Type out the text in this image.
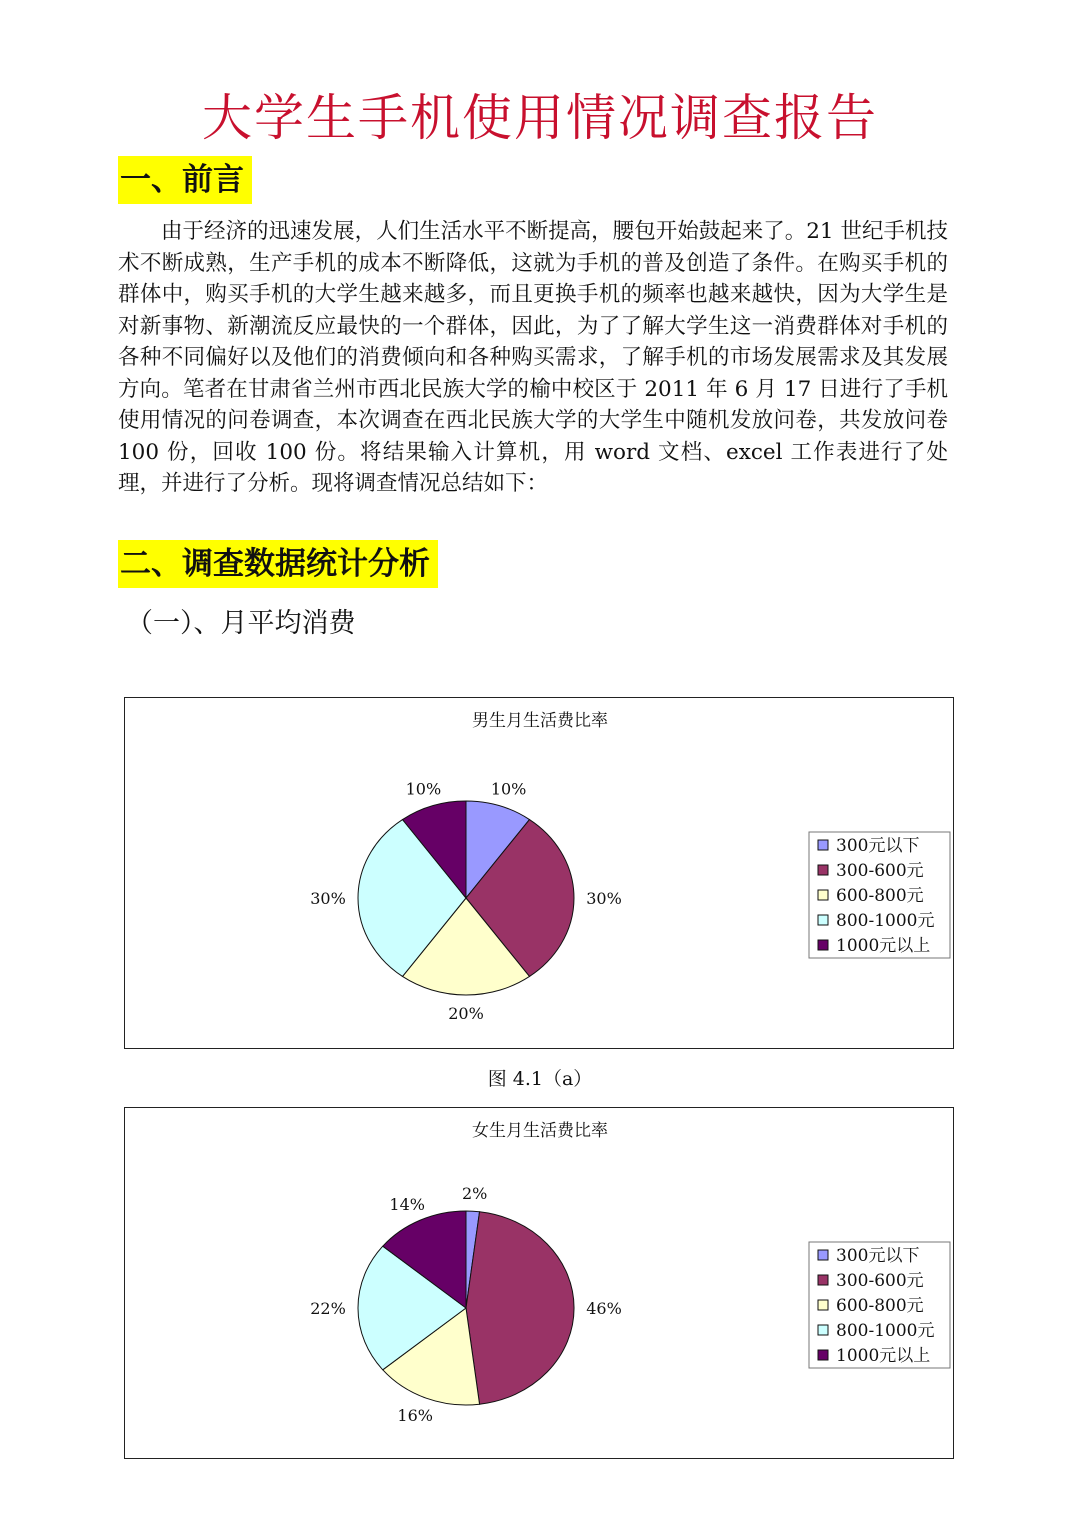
大学生手机使用情况调查报告
一、前言

由于经济的迅速发展，人们生活水平不断提高，腰包开始鼓起来了。21 世纪手机技术不断成熟，生产手机的成本不断降低，这就为手机的普及创造了条件。在购买手机的群体中，购买手机的大学生越来越多，而且更换手机的频率也越来越快，因为大学生是对新事物、新潮流反应最快的一个群体，因此，为了了解大学生这一消费群体对手机的各种不同偏好以及他们的消费倾向和各种购买需求，了解手机的市场发展需求及其发展方向。笔者在甘肃省兰州市西北民族大学的榆中校区于 2011 年 6 月 17 日进行了手机使用情况的问卷调查，本次调查在西北民族大学的大学生中随机发放问卷，共发放问卷 100 份，回收 100 份。将结果输入计算机，用 word 文档、excel 工作表进行了处理，并进行了分析。现将调查情况总结如下：

二、调查数据统计分析
（一）、月平均消费
男生月生活费比率
10%
30%
20%
30%
10%
300元以下
300-600元
600-800元
800-1000元
1000元以上
图 4.1（a）
女生月生活费比率
2%
46%
16%
22%
14%
300元以下
300-600元
600-800元
800-1000元
1000元以上
